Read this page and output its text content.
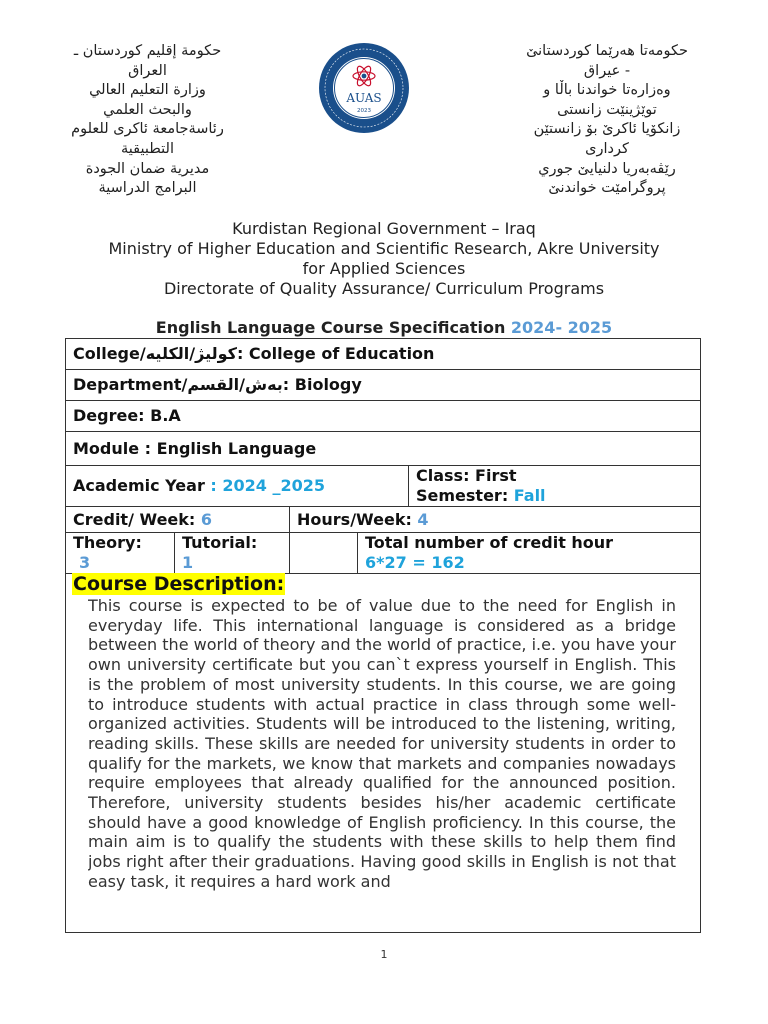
حكومة إقليم كوردستان ـ
العراق
وزارة التعليم العالي
والبحث العلمي
رئاسةجامعة ئاكرى للعلوم
التطبيقية
مديرية ضمان الجودة
البرامج الدراسية
AUAS
2023
حكومەتا هەرێما كوردستانێ
- عیراق
وەزارەتا خواندنا باڵا و
توێژینێت زانستی
زانكۆیا ئاكرێ بۆ زانستێن
كرداری
رێڤەبەریا دلنیایێ جوري
پروگرامێت خواندنێ
Kurdistan Regional Government – Iraq
Ministry of Higher Education and Scientific Research, Akre University
for Applied Sciences
Directorate of Quality Assurance/ Curriculum Programs
English Language Course Specification 2024- 2025
College/كوليژ/الكليه: College of Education
Department/بەش/القسم: Biology
Degree: B.A
Module : English Language
Academic Year : 2024 _2025
Class: First
Semester: Fall
Credit/ Week: 6	Hours/Week: 4
Theory:
3
Tutorial:
1
Total number of credit hour
6*27 = 162
Course Description:
This course is expected to be of value due to the need for English in everyday life. This international language is considered as a bridge between the world of theory and the world of practice, i.e. you have your own university certificate but you can`t express yourself in English. This is the problem of most university students. In this course, we are going to introduce students with actual practice in class through some well-organized activities. Students will be introduced to the listening, writing, reading skills. These skills are needed for university students in order to qualify for the markets, we know that markets and companies nowadays require employees that already qualified for the announced position. Therefore, university students besides his/her academic certificate should have a good knowledge of English proficiency. In this course, the main aim is to qualify the students with these skills to help them find jobs right after their graduations. Having good skills in English is not that easy task, it requires a hard work and
1
